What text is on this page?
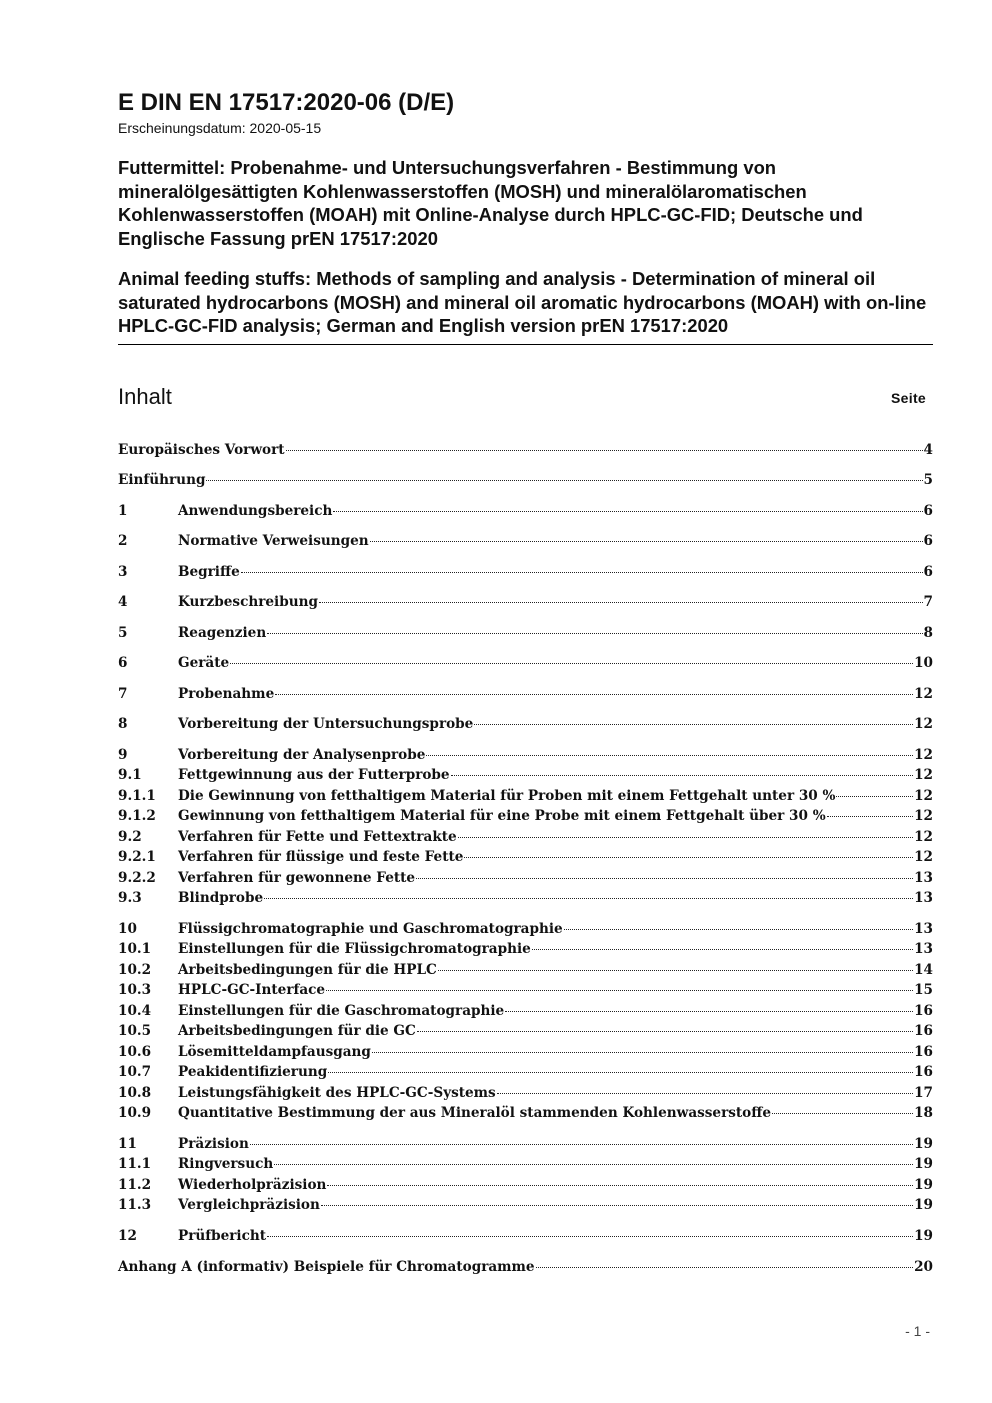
E DIN EN 17517:2020-06 (D/E)
Erscheinungsdatum: 2020-05-15
Futtermittel: Probenahme- und Untersuchungsverfahren - Bestimmung von mineralölgesättigten Kohlenwasserstoffen (MOSH) und mineralölaromatischen Kohlenwasserstoffen (MOAH) mit Online-Analyse durch HPLC-GC-FID; Deutsche und Englische Fassung prEN 17517:2020
Animal feeding stuffs: Methods of sampling and analysis - Determination of mineral oil saturated hydrocarbons (MOSH) and mineral oil aromatic hydrocarbons (MOAH) with on-line HPLC-GC-FID analysis; German and English version prEN 17517:2020
Inhalt	Seite
Europäisches Vorwort	4
Einführung	5
1	Anwendungsbereich	6
2	Normative Verweisungen	6
3	Begriffe	6
4	Kurzbeschreibung	7
5	Reagenzien	8
6	Geräte	10
7	Probenahme	12
8	Vorbereitung der Untersuchungsprobe	12
9	Vorbereitung der Analysenprobe	12
9.1	Fettgewinnung aus der Futterprobe	12
9.1.1	Die Gewinnung von fetthaltigem Material für Proben mit einem Fettgehalt unter 30 %	12
9.1.2	Gewinnung von fetthaltigem Material für eine Probe mit einem Fettgehalt über 30 %	12
9.2	Verfahren für Fette und Fettextrakte	12
9.2.1	Verfahren für flüssige und feste Fette	12
9.2.2	Verfahren für gewonnene Fette	13
9.3	Blindprobe	13
10	Flüssigchromatographie und Gaschromatographie	13
10.1	Einstellungen für die Flüssigchromatographie	13
10.2	Arbeitsbedingungen für die HPLC	14
10.3	HPLC-GC-Interface	15
10.4	Einstellungen für die Gaschromatographie	16
10.5	Arbeitsbedingungen für die GC	16
10.6	Lösemitteldampfausgang	16
10.7	Peakidentifizierung	16
10.8	Leistungsfähigkeit des HPLC-GC-Systems	17
10.9	Quantitative Bestimmung der aus Mineralöl stammenden Kohlenwasserstoffe	18
11	Präzision	19
11.1	Ringversuch	19
11.2	Wiederholpräzision	19
11.3	Vergleichpräzision	19
12	Prüfbericht	19
Anhang A (informativ) Beispiele für Chromatogramme	20
- 1 -
